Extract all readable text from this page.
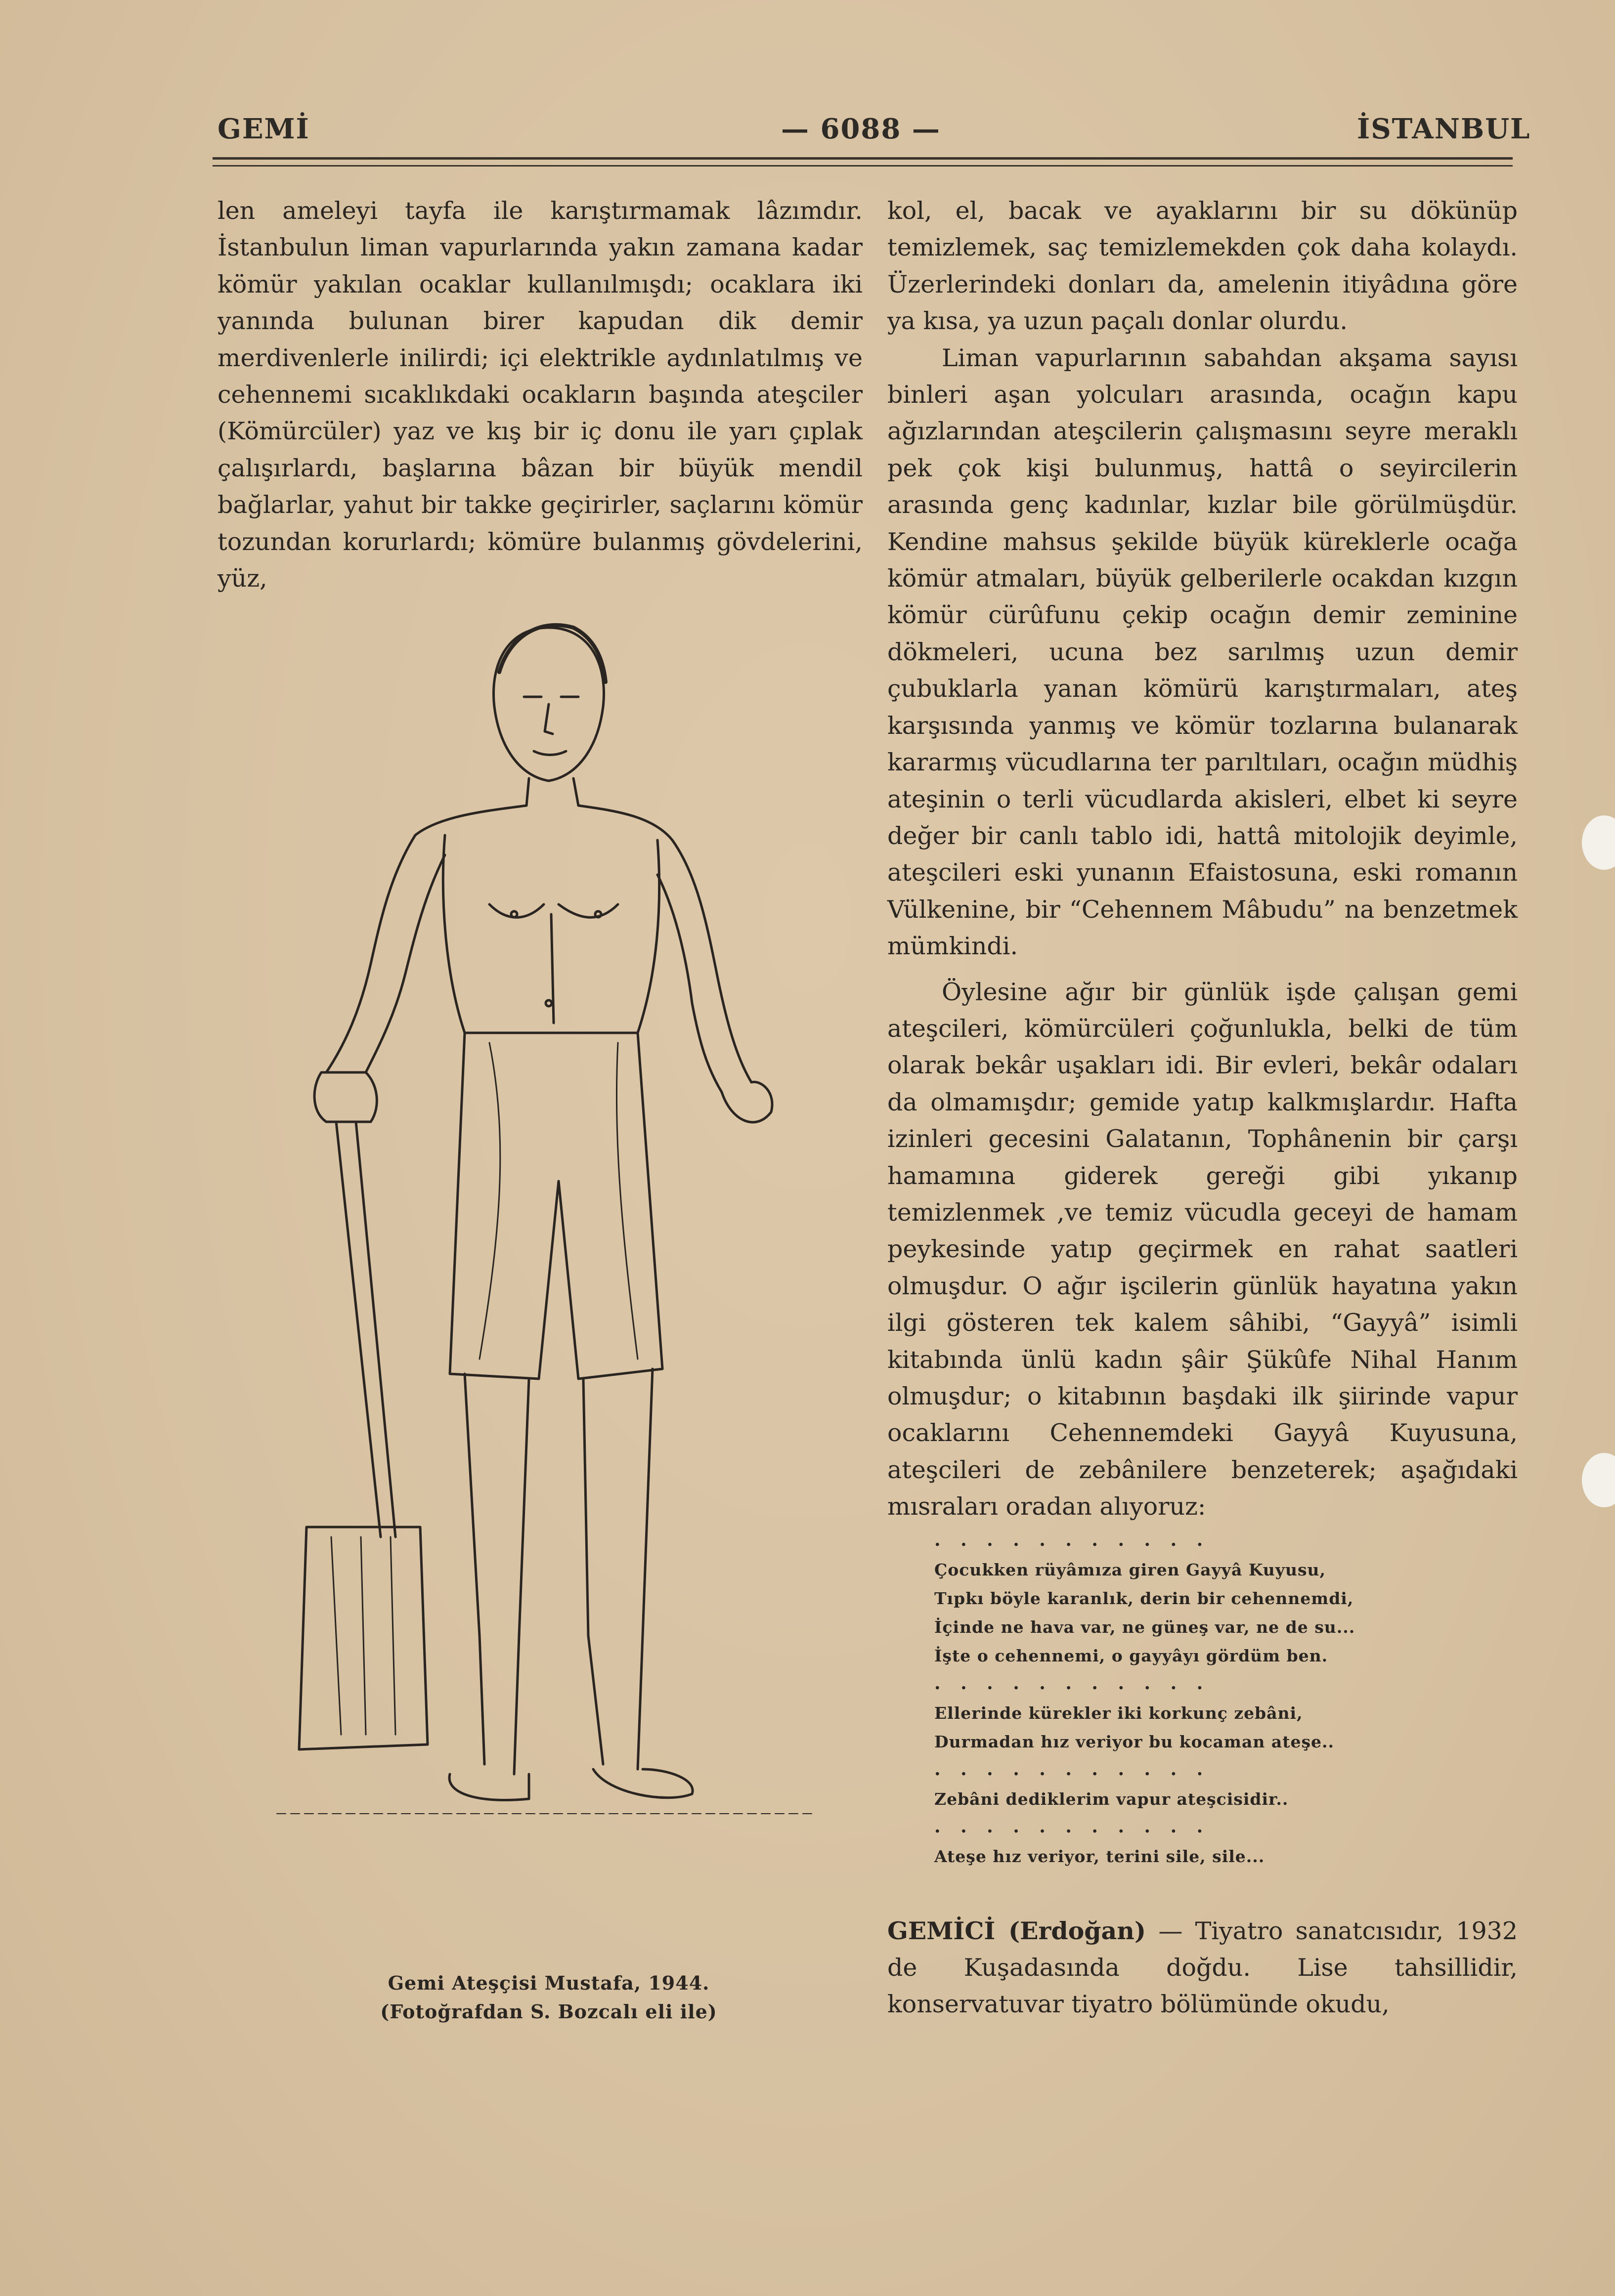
GEMİ	— 6088 —	İSTANBUL

len ameleyi tayfa ile karıştırmamak lâzımdır. İstanbulun liman vapurlarında yakın zamana kadar kömür yakılan ocaklar kullanılmışdı; ocaklara iki yanında bulunan birer kapudan dik demir merdivenlerle inilirdi; içi elektrikle aydınlatılmış ve cehennemi sıcaklıkdaki ocakların başında ateşciler (Kömürcüler) yaz ve kış bir iç donu ile yarı çıplak çalışırlardı, başlarına bâzan bir büyük mendil bağlarlar, yahut bir takke geçirirler, saçlarını kömür tozundan korurlardı; kömüre bulanmış gövdelerini, yüz,

Gemi Ateşçisi Mustafa, 1944.
(Fotoğrafdan S. Bozcalı eli ile)

kol, el, bacak ve ayaklarını bir su dökünüp temizlemek, saç temizlemekden çok daha kolaydı. Üzerlerindeki donları da, amelenin itiyâdına göre ya kısa, ya uzun paçalı donlar olurdu.

Liman vapurlarının sabahdan akşama sayısı binleri aşan yolcuları arasında, ocağın kapu ağızlarından ateşcilerin çalışmasını seyre meraklı pek çok kişi bulunmuş, hattâ o seyircilerin arasında genç kadınlar, kızlar bile görülmüşdür. Kendine mahsus şekilde büyük küreklerle ocağa kömür atmaları, büyük gelberilerle ocakdan kızgın kömür cürûfunu çekip ocağın demir zeminine dökmeleri, ucuna bez sarılmış uzun demir çubuklarla yanan kömürü karıştırmaları, ateş karşısında yanmış ve kömür tozlarına bulanarak kararmış vücudlarına ter parıltıları, ocağın müdhiş ateşinin o terli vücudlarda akisleri, elbet ki seyre değer bir canlı tablo idi, hattâ mitolojik deyimle, ateşcileri eski yunanın Efaistosuna, eski romanın Vülkenine, bir “Cehennem Mâbudu” na benzetmek mümkindi.

Öylesine ağır bir günlük işde çalışan gemi ateşcileri, kömürcüleri çoğunlukla, belki de tüm olarak bekâr uşakları idi. Bir evleri, bekâr odaları da olmamışdır; gemide yatıp kalkmışlardır. Hafta izinleri gecesini Galatanın, Tophânenin bir çarşı hamamına giderek gereği gibi yıkanıp temizlenmek ,ve temiz vücudla geceyi de hamam peykesinde yatıp geçirmek en rahat saatleri olmuşdur. O ağır işcilerin günlük hayatına yakın ilgi gösteren tek kalem sâhibi, “Gayyâ” isimli kitabında ünlü kadın şâir Şükûfe Nihal Hanım olmuşdur; o kitabının başdaki ilk şiirinde vapur ocaklarını Cehennemdeki Gayyâ Kuyusuna, ateşcileri de zebânilere benzeterek; aşağıdaki mısraları oradan alıyoruz:

. . . . . . . . . . .
Çocukken rüyâmıza giren Gayyâ Kuyusu,
Tıpkı böyle karanlık, derin bir cehennemdi,
İçinde ne hava var, ne güneş var, ne de su...
İşte o cehennemi, o gayyâyı gördüm ben.
. . . . . . . . . . .
Ellerinde kürekler iki korkunç zebâni,
Durmadan hız veriyor bu kocaman ateşe..
. . . . . . . . . . .
Zebâni dediklerim vapur ateşcisidir..
. . . . . . . . . . .
Ateşe hız veriyor, terini sile, sile...
GEMİCİ (Erdoğan) — Tiyatro sanatcısıdır, 1932 de Kuşadasında doğdu. Lise tahsillidir, konservatuvar tiyatro bölümünde okudu,
